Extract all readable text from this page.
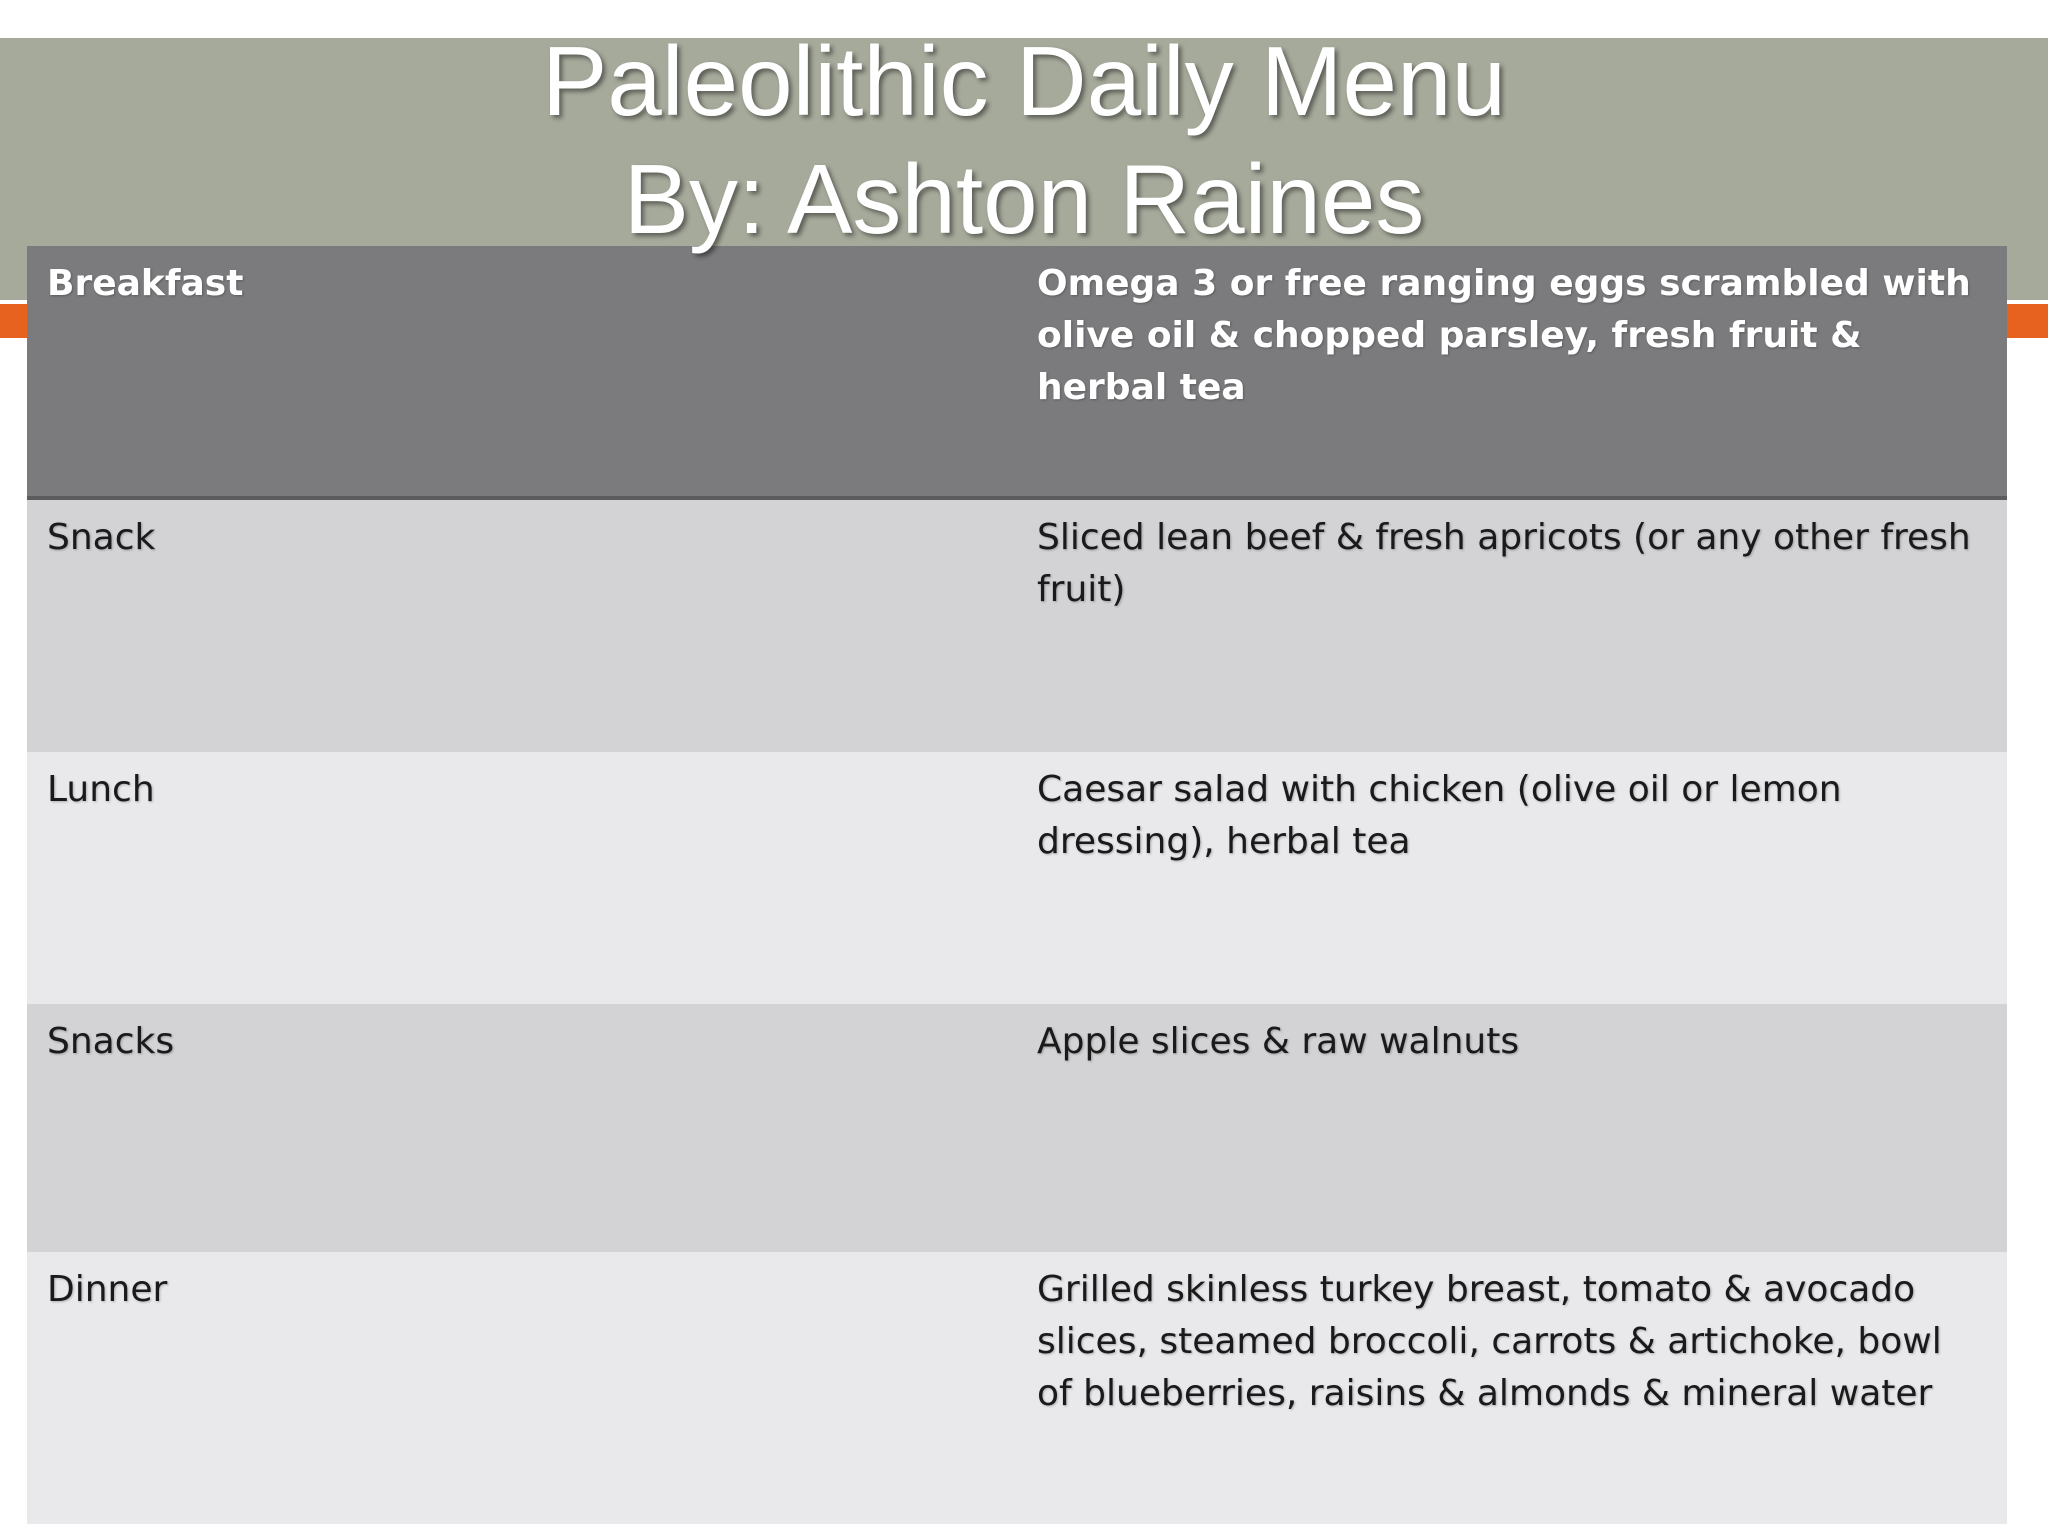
Breakfast	Omega 3 or free ranging eggs scrambled with olive oil & chopped parsley, fresh fruit & herbal tea
Snack	Sliced lean beef & fresh apricots (or any other fresh fruit)
Lunch	Caesar salad with chicken (olive oil or lemon dressing), herbal tea
Snacks	Apple slices & raw walnuts
Dinner	Grilled skinless turkey breast, tomato & avocado slices, steamed broccoli, carrots & artichoke, bowl of blueberries, raisins & almonds & mineral water
Paleolithic Daily Menu
By: Ashton Raines
